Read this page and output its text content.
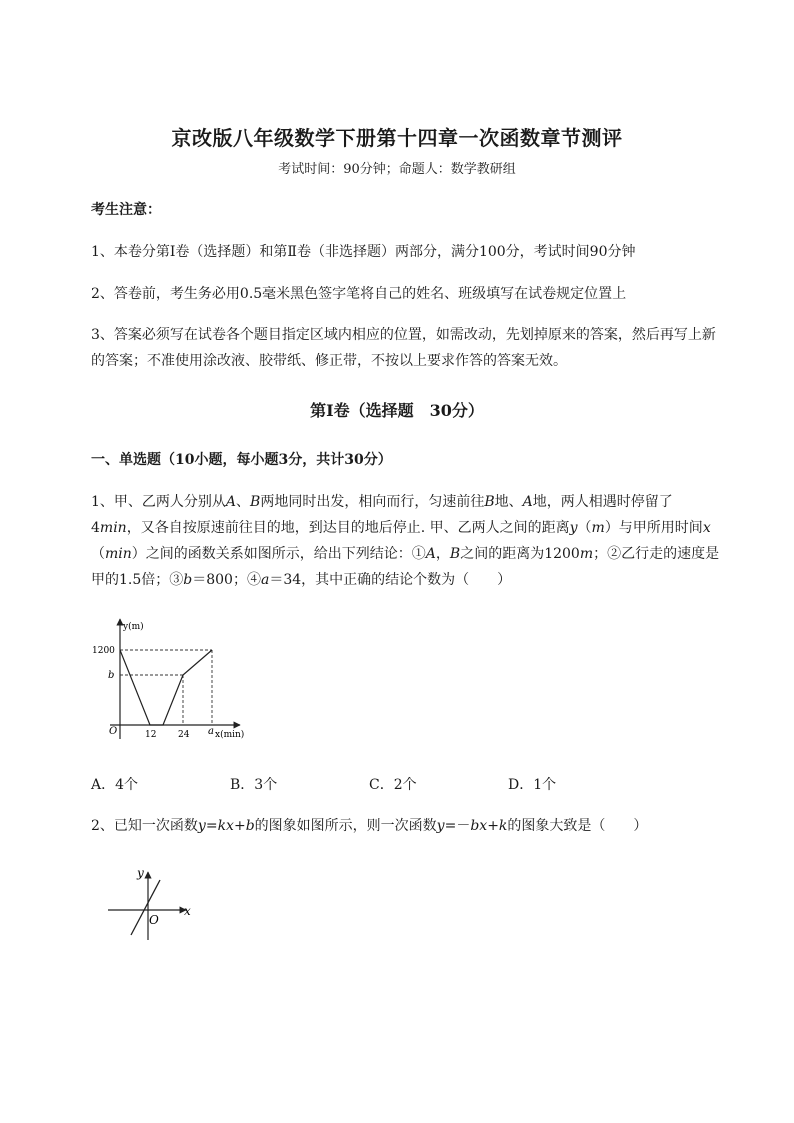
京改版八年级数学下册第十四章一次函数章节测评
考试时间：90分钟；命题人：数学教研组
考生注意：
1、本卷分第I卷（选择题）和第Ⅱ卷（非选择题）两部分，满分100分，考试时间90分钟
2、答卷前，考生务必用0.5毫米黑色签字笔将自己的姓名、班级填写在试卷规定位置上
3、答案必须写在试卷各个题目指定区域内相应的位置，如需改动，先划掉原来的答案，然后再写上新
的答案；不准使用涂改液、胶带纸、修正带，不按以上要求作答的答案无效。
第I卷（选择题　30分）
一、单选题（10小题，每小题3分，共计30分）
1、甲、乙两人分别从A、B两地同时出发，相向而行，匀速前往B地、A地，两人相遇时停留了
4min，又各自按原速前往目的地，到达目的地后停止. 甲、乙两人之间的距离y（m）与甲所用时间x
（min）之间的函数关系如图所示，给出下列结论：①A，B之间的距离为1200m；②乙行走的速度是
甲的1.5倍；③b＝800；④a＝34，其中正确的结论个数为（　　）
y(m)
x(min)
O
1200
b
12 24 a
A．4个	B．3个	C．2个	D．1个
2、已知一次函数y=kx+b的图象如图所示，则一次函数y=－bx+k的图象大致是（　　）
x
y
O
